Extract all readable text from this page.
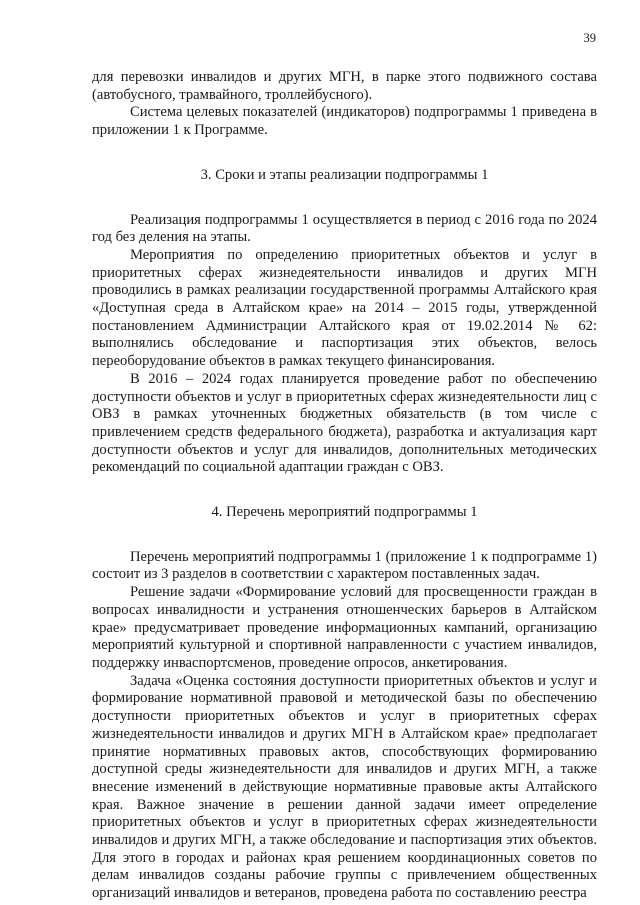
39

для перевозки инвалидов и других МГН, в парке этого подвижного состава (автобусного, трамвайного, троллейбусного).

Система целевых показателей (индикаторов) подпрограммы 1 приведена в приложении 1 к Программе.

3. Сроки и этапы реализации подпрограммы 1

Реализация подпрограммы 1 осуществляется в период с 2016 года по 2024 год без деления на этапы.

Мероприятия по определению приоритетных объектов и услуг в приоритетных сферах жизнедеятельности инвалидов и других МГН проводились в рамках реализации государственной программы Алтайского края «Доступная среда в Алтайском крае» на 2014 – 2015 годы, утвержденной постановлением Администрации Алтайского края от 19.02.2014 № 62: выполнялись обследование и паспортизация этих объектов, велось переоборудование объектов в рамках текущего финансирования.

В 2016 – 2024 годах планируется проведение работ по обеспечению доступности объектов и услуг в приоритетных сферах жизнедеятельности лиц с ОВЗ в рамках уточненных бюджетных обязательств (в том числе с привлечением средств федерального бюджета), разработка и актуализация карт доступности объектов и услуг для инвалидов, дополнительных методических рекомендаций по социальной адаптации граждан с ОВЗ.

4. Перечень мероприятий подпрограммы 1

Перечень мероприятий подпрограммы 1 (приложение 1 к подпрограмме 1) состоит из 3 разделов в соответствии с характером поставленных задач.

Решение задачи «Формирование условий для просвещенности граждан в вопросах инвалидности и устранения отношенческих барьеров в Алтайском крае» предусматривает проведение информационных кампаний, организацию мероприятий культурной и спортивной направленности с участием инвалидов, поддержку инваспортсменов, проведение опросов, анкетирования.

Задача «Оценка состояния доступности приоритетных объектов и услуг и формирование нормативной правовой и методической базы по обеспечению доступности приоритетных объектов и услуг в приоритетных сферах жизнедеятельности инвалидов и других МГН в Алтайском крае» предполагает принятие нормативных правовых актов, способствующих формированию доступной среды жизнедеятельности для инвалидов и других МГН, а также внесение изменений в действующие нормативные правовые акты Алтайского края. Важное значение в решении данной задачи имеет определение приоритетных объектов и услуг в приоритетных сферах жизнедеятельности инвалидов и других МГН, а также обследование и паспортизация этих объектов. Для этого в городах и районах края решением координационных советов по делам инвалидов созданы рабочие группы с привлечением общественных организаций инвалидов и ветеранов, проведена работа по составлению реестра
